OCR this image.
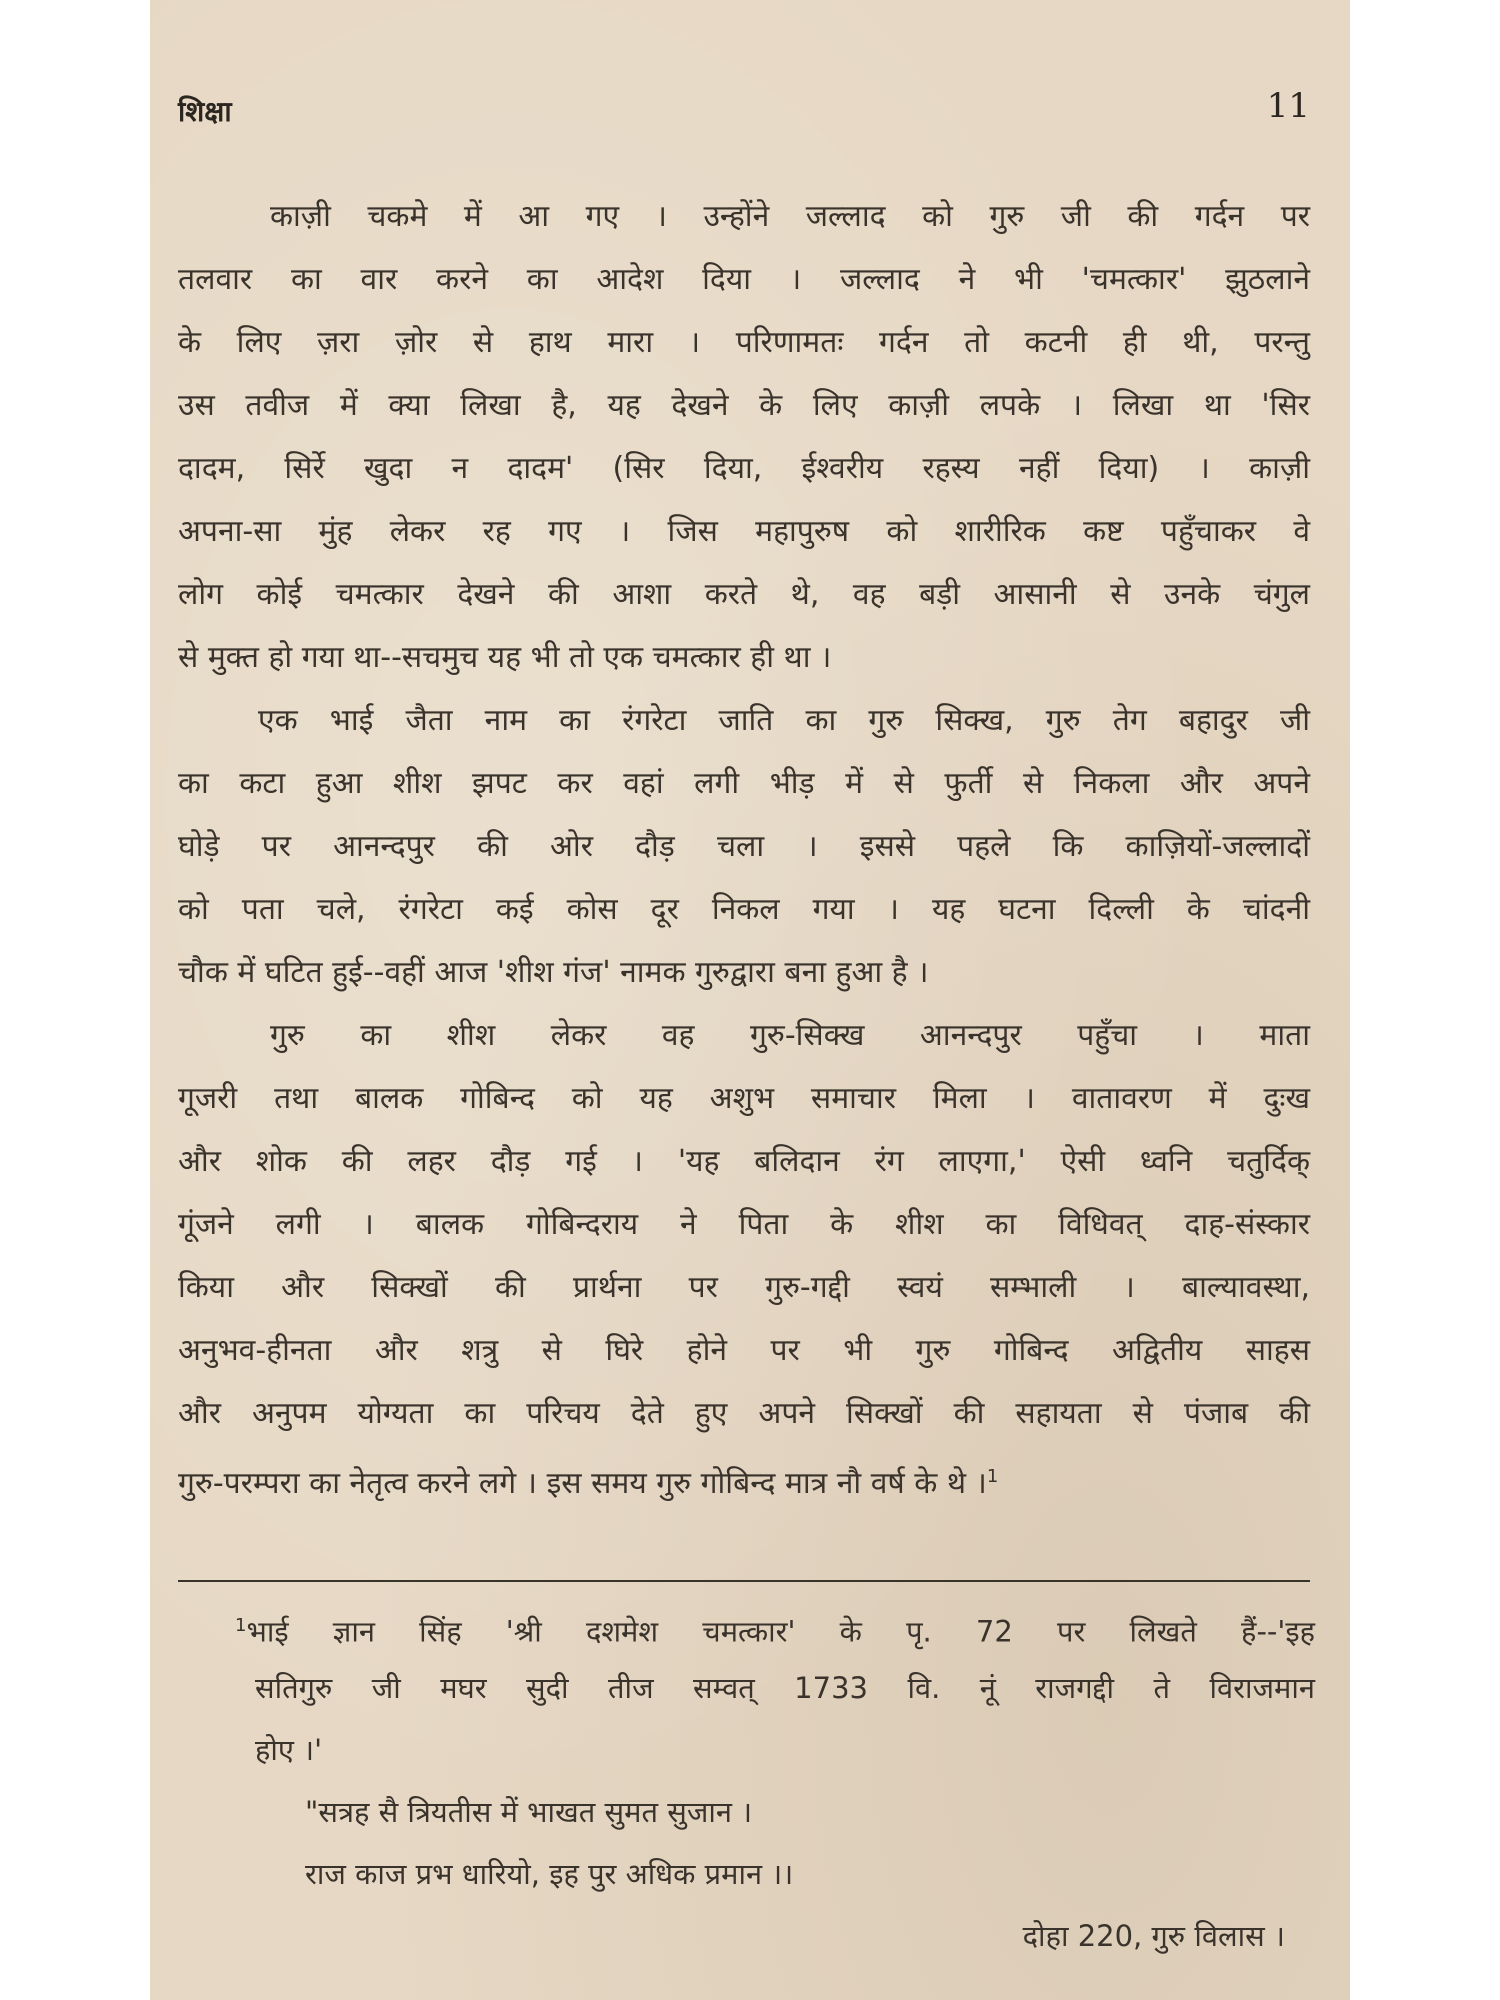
शिक्षा	11
काज़ी चकमे में आ गए । उन्होंने जल्लाद को गुरु जी की गर्दन पर
तलवार का वार करने का आदेश दिया । जल्लाद ने भी 'चमत्कार' झुठलाने
के लिए ज़रा ज़ोर से हाथ मारा । परिणामतः गर्दन तो कटनी ही थी, परन्तु
उस तवीज में क्या लिखा है, यह देखने के लिए काज़ी लपके । लिखा था 'सिर
दादम, सिर्रे खुदा न दादम' (सिर दिया, ईश्वरीय रहस्य नहीं दिया) । काज़ी
अपना-सा मुंह लेकर रह गए । जिस महापुरुष को शारीरिक कष्ट पहुँचाकर वे
लोग कोई चमत्कार देखने की आशा करते थे, वह बड़ी आसानी से उनके चंगुल
से मुक्त हो गया था--सचमुच यह भी तो एक चमत्कार ही था ।
एक भाई जैता नाम का रंगरेटा जाति का गुरु सिक्ख, गुरु तेग बहादुर जी
का कटा हुआ शीश झपट कर वहां लगी भीड़ में से फुर्ती से निकला और अपने
घोड़े पर आनन्दपुर की ओर दौड़ चला । इससे पहले कि काज़ियों-जल्लादों
को पता चले, रंगरेटा कई कोस दूर निकल गया । यह घटना दिल्ली के चांदनी
चौक में घटित हुई--वहीं आज 'शीश गंज' नामक गुरुद्वारा बना हुआ है ।
गुरु का शीश लेकर वह गुरु-सिक्ख आनन्दपुर पहुँचा । माता
गूजरी तथा बालक गोबिन्द को यह अशुभ समाचार मिला । वातावरण में दुःख
और शोक की लहर दौड़ गई । 'यह बलिदान रंग लाएगा,' ऐसी ध्वनि चतुर्दिक्
गूंजने लगी । बालक गोबिन्दराय ने पिता के शीश का विधिवत् दाह-संस्कार
किया और सिक्खों की प्रार्थना पर गुरु-गद्दी स्वयं सम्भाली । बाल्यावस्था,
अनुभव-हीनता और शत्रु से घिरे होने पर भी गुरु गोबिन्द अद्वितीय साहस
और अनुपम योग्यता का परिचय देते हुए अपने सिक्खों की सहायता से पंजाब की
गुरु-परम्परा का नेतृत्व करने लगे । इस समय गुरु गोबिन्द मात्र नौ वर्ष के थे ।$^1$
$^1$भाई ज्ञान सिंह 'श्री दशमेश चमत्कार' के पृ. 72 पर लिखते हैं--'इह
सतिगुरु जी मघर सुदी तीज सम्वत् 1733 वि. नूं राजगद्दी ते विराजमान
होए ।'
"सत्रह सै त्रियतीस में भाखत सुमत सुजान ।
राज काज प्रभ धारियो, इह पुर अधिक प्रमान ।।
दोहा 220, गुरु विलास ।
